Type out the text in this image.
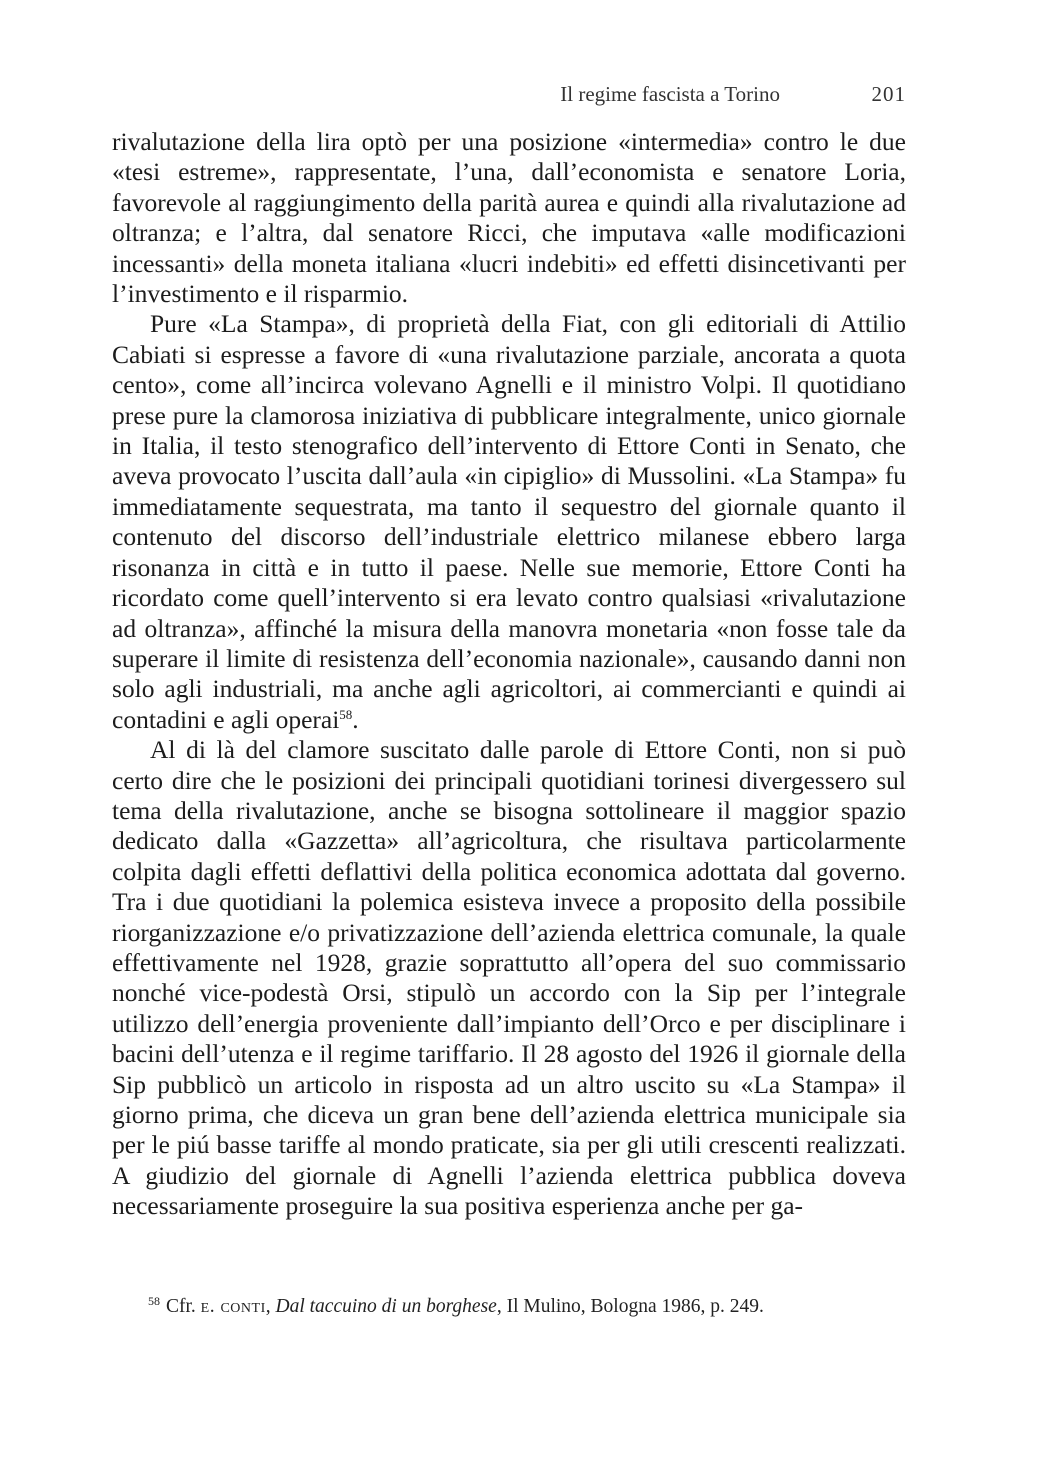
Il regime fascista a Torino	201

rivalutazione della lira optò per una posizione «intermedia» contro le due «tesi estreme», rappresentate, l’una, dall’economista e senatore Loria, favorevole al raggiungimento della parità aurea e quindi alla rivalutazione ad oltranza; e l’altra, dal senatore Ricci, che imputava «alle modificazioni incessanti» della moneta italiana «lucri indebiti» ed effetti disincetivanti per l’investimento e il risparmio.

Pure «La Stampa», di proprietà della Fiat, con gli editoriali di Attilio Cabiati si espresse a favore di «una rivalutazione parziale, ancorata a quota cento», come all’incirca volevano Agnelli e il ministro Volpi. Il quotidiano prese pure la clamorosa iniziativa di pubblicare integralmente, unico giornale in Italia, il testo stenografico dell’intervento di Ettore Conti in Senato, che aveva provocato l’uscita dall’aula «in cipiglio» di Mussolini. «La Stampa» fu immediatamente sequestrata, ma tanto il sequestro del giornale quanto il contenuto del discorso dell’industriale elettrico milanese ebbero larga risonanza in città e in tutto il paese. Nelle sue memorie, Ettore Conti ha ricordato come quell’intervento si era levato contro qualsiasi «rivalutazione ad oltranza», affinché la misura della manovra monetaria «non fosse tale da superare il limite di resistenza dell’economia nazionale», causando danni non solo agli industriali, ma anche agli agricoltori, ai commercianti e quindi ai contadini e agli operai$^{58}$.

Al di là del clamore suscitato dalle parole di Ettore Conti, non si può certo dire che le posizioni dei principali quotidiani torinesi divergessero sul tema della rivalutazione, anche se bisogna sottolineare il maggior spazio dedicato dalla «Gazzetta» all’agricoltura, che risultava particolarmente colpita dagli effetti deflattivi della politica economica adottata dal governo. Tra i due quotidiani la polemica esisteva invece a proposito della possibile riorganizzazione e/o privatizzazione dell’azienda elettrica comunale, la quale effettivamente nel 1928, grazie soprattutto all’opera del suo commissario nonché vice-podestà Orsi, stipulò un accordo con la Sip per l’integrale utilizzo dell’energia proveniente dall’impianto dell’Orco e per disciplinare i bacini dell’utenza e il regime tariffario. Il 28 agosto del 1926 il giornale della Sip pubblicò un articolo in risposta ad un altro uscito su «La Stampa» il giorno prima, che diceva un gran bene dell’azienda elettrica municipale sia per le piú basse tariffe al mondo praticate, sia per gli utili crescenti realizzati. A giudizio del giornale di Agnelli l’azienda elettrica pubblica doveva necessariamente proseguire la sua positiva esperienza anche per ga-

$^{58}$ Cfr. e. conti, Dal taccuino di un borghese, Il Mulino, Bologna 1986, p. 249.
